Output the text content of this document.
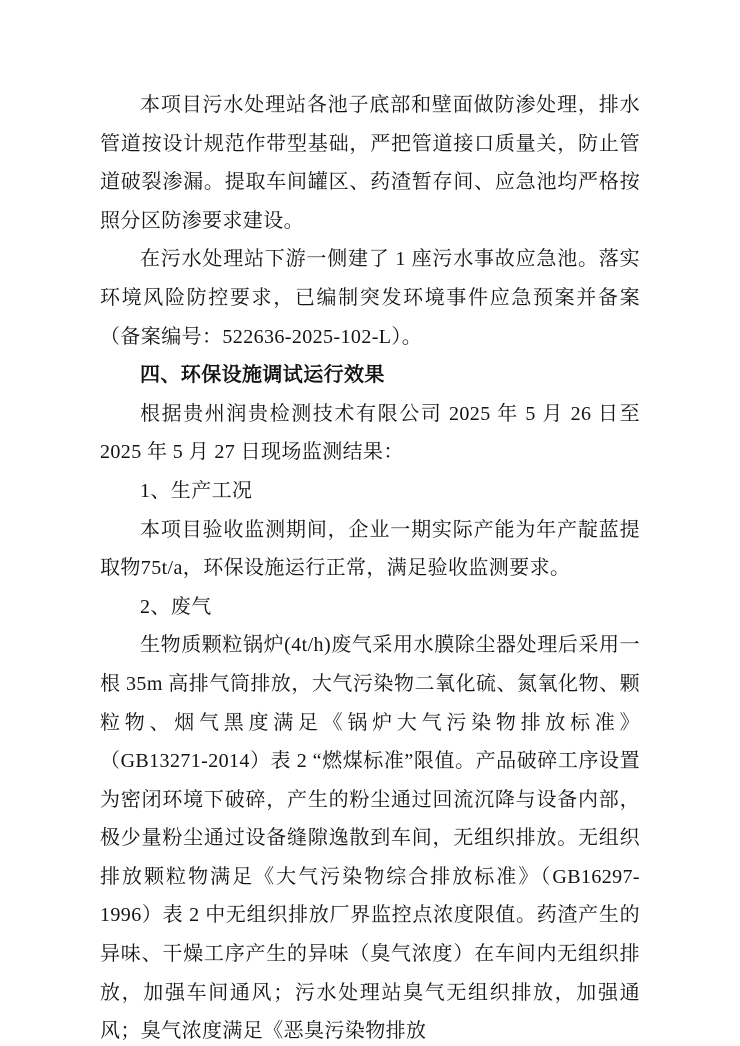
本项目污水处理站各池子底部和壁面做防渗处理，排水管道按设计规范作带型基础，严把管道接口质量关，防止管道破裂渗漏。提取车间罐区、药渣暂存间、应急池均严格按照分区防渗要求建设。

在污水处理站下游一侧建了 1 座污水事故应急池。落实环境风险防控要求，已编制突发环境事件应急预案并备案（备案编号：522636-2025-102-L）。

四、环保设施调试运行效果

根据贵州润贵检测技术有限公司 2025 年 5 月 26 日至 2025 年 5 月 27 日现场监测结果：

1、生产工况

本项目验收监测期间，企业一期实际产能为年产靛蓝提取物75t/a，环保设施运行正常，满足验收监测要求。

2、废气

生物质颗粒锅炉(4t/h)废气采用水膜除尘器处理后采用一根 35m 高排气筒排放，大气污染物二氧化硫、氮氧化物、颗粒物、烟气黑度满足《锅炉大气污染物排放标准》（GB13271-2014）表 2 “燃煤标准”限值。产品破碎工序设置为密闭环境下破碎，产生的粉尘通过回流沉降与设备内部，极少量粉尘通过设备缝隙逸散到车间，无组织排放。无组织排放颗粒物满足《大气污染物综合排放标准》（GB16297-1996）表 2 中无组织排放厂界监控点浓度限值。药渣产生的异味、干燥工序产生的异味（臭气浓度）在车间内无组织排放，加强车间通风；污水处理站臭气无组织排放，加强通风；臭气浓度满足《恶臭污染物排放
